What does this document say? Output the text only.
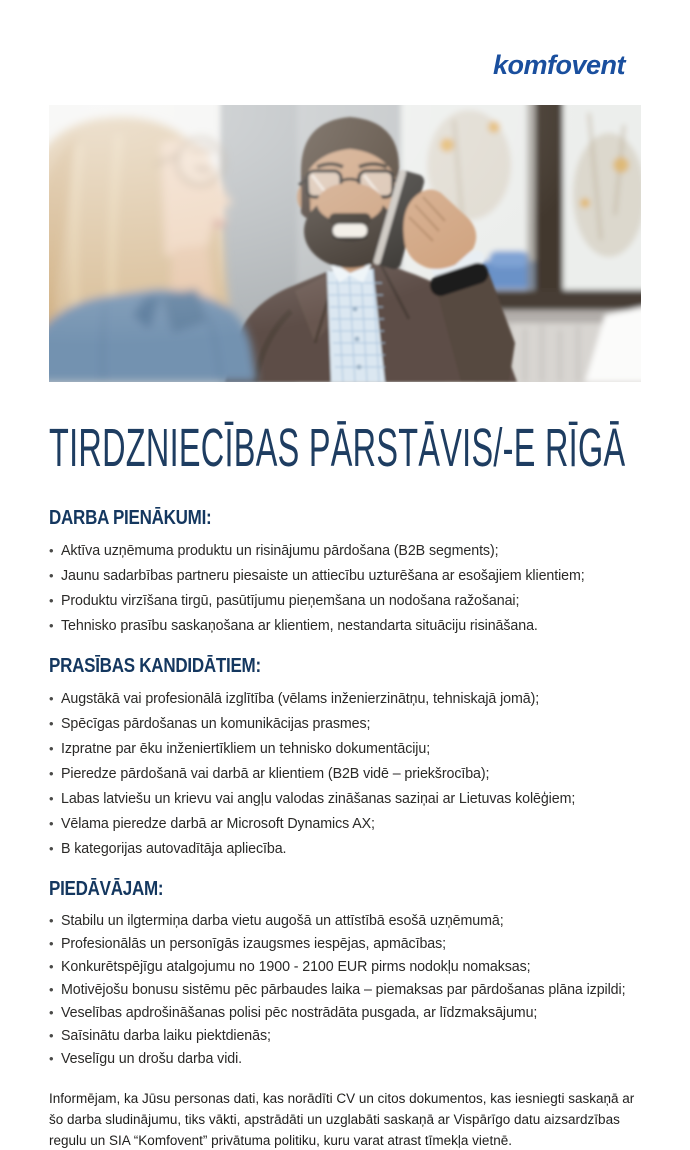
komfovent
TIRDZNIECĪBAS PĀRSTĀVIS/-E RĪGĀ
DARBA PIENĀKUMI:
• Aktīva uzņēmuma produktu un risinājumu pārdošana (B2B segments);
• Jaunu sadarbības partneru piesaiste un attiecību uzturēšana ar esošajiem klientiem;
• Produktu virzīšana tirgū, pasūtījumu pieņemšana un nodošana ražošanai;
• Tehnisko prasību saskaņošana ar klientiem, nestandarta situāciju risināšana.
PRASĪBAS KANDIDĀTIEM:
• Augstākā vai profesionālā izglītība (vēlams inženierzinātņu, tehniskajā jomā);
• Spēcīgas pārdošanas un komunikācijas prasmes;
• Izpratne par ēku inženiertīkliem un tehnisko dokumentāciju;
• Pieredze pārdošanā vai darbā ar klientiem (B2B vidē – priekšrocība);
• Labas latviešu un krievu vai angļu valodas zināšanas saziņai ar Lietuvas kolēģiem;
• Vēlama pieredze darbā ar Microsoft Dynamics AX;
• B kategorijas autovadītāja apliecība.
PIEDĀVĀJAM:
• Stabilu un ilgtermiņa darba vietu augošā un attīstībā esošā uzņēmumā;
• Profesionālās un personīgās izaugsmes iespējas, apmācības;
• Konkurētspējīgu atalgojumu no 1900 - 2100 EUR pirms nodokļu nomaksas;
• Motivējošu bonusu sistēmu pēc pārbaudes laika – piemaksas par pārdošanas plāna izpildi;
• Veselības apdrošināšanas polisi pēc nostrādāta pusgada, ar līdzmaksājumu;
• Saīsinātu darba laiku piektdienās;
• Veselīgu un drošu darba vidi.

Informējam, ka Jūsu personas dati, kas norādīti CV un citos dokumentos, kas iesniegti saskaņā ar šo darba sludinājumu, tiks vākti, apstrādāti un uzglabāti saskaņā ar Vispārīgo datu aizsardzības regulu un SIA “Komfovent” privātuma politiku, kuru varat atrast tīmekļa vietnē.
